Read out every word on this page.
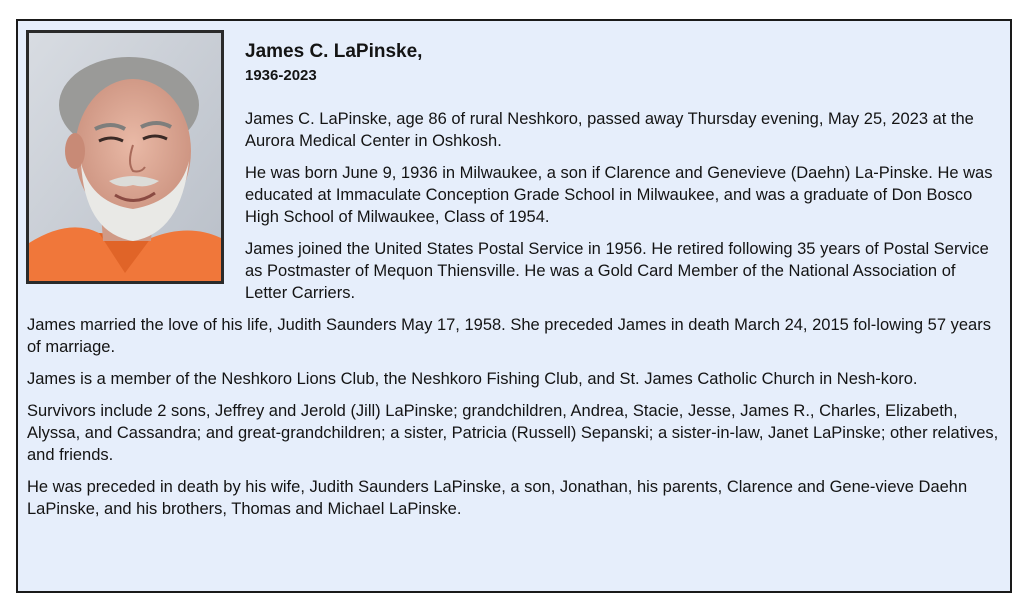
James C. LaPinske,
1936-2023

James C. LaPinske, age 86 of rural Neshkoro, passed away Thursday evening, May 25, 2023 at the Aurora Medical Center in Oshkosh.

He was born June 9, 1936 in Milwaukee, a son if Clarence and Genevieve (Daehn) La-Pinske. He was educated at Immaculate Conception Grade School in Milwaukee, and was a graduate of Don Bosco High School of Milwaukee, Class of 1954.

James joined the United States Postal Service in 1956. He retired following 35 years of Postal Service as Postmaster of Mequon Thiensville. He was a Gold Card Member of the National Association of Letter Carriers.

James married the love of his life, Judith Saunders May 17, 1958. She preceded James in death March 24, 2015 fol-lowing 57 years of marriage.

James is a member of the Neshkoro Lions Club, the Neshkoro Fishing Club, and St. James Catholic Church in Nesh-koro.

Survivors include 2 sons, Jeffrey and Jerold (Jill) LaPinske; grandchildren, Andrea, Stacie, Jesse, James R., Charles, Elizabeth, Alyssa, and Cassandra; and great-grandchildren; a sister, Patricia (Russell) Sepanski; a sister-in-law, Janet LaPinske; other relatives, and friends.

He was preceded in death by his wife, Judith Saunders LaPinske, a son, Jonathan, his parents, Clarence and Gene-vieve Daehn LaPinske, and his brothers, Thomas and Michael LaPinske.
